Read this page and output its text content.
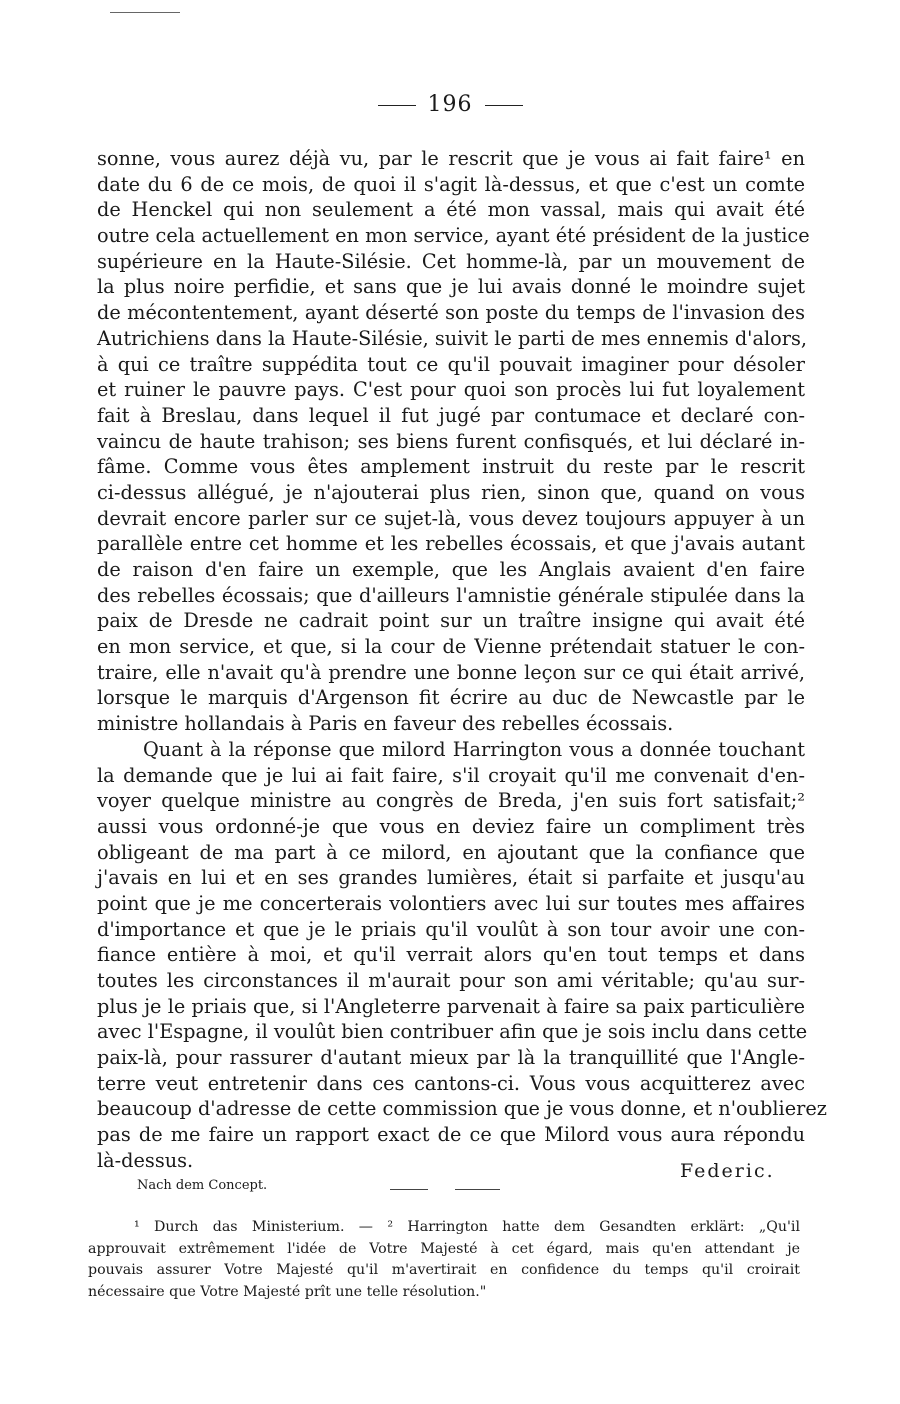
196
sonne, vous aurez déjà vu, par le rescrit que je vous ai fait faire¹ en
date du 6 de ce mois, de quoi il s'agit là-dessus, et que c'est un comte
de Henckel qui non seulement a été mon vassal, mais qui avait été
outre cela actuellement en mon service, ayant été président de la justice
supérieure en la Haute-Silésie. Cet homme-là, par un mouvement de
la plus noire perfidie, et sans que je lui avais donné le moindre sujet
de mécontentement, ayant déserté son poste du temps de l'invasion des
Autrichiens dans la Haute-Silésie, suivit le parti de mes ennemis d'alors,
à qui ce traître suppédita tout ce qu'il pouvait imaginer pour désoler
et ruiner le pauvre pays. C'est pour quoi son procès lui fut loyalement
fait à Breslau, dans lequel il fut jugé par contumace et declaré con-
vaincu de haute trahison; ses biens furent confisqués, et lui déclaré in-
fâme. Comme vous êtes amplement instruit du reste par le rescrit
ci-dessus allégué, je n'ajouterai plus rien, sinon que, quand on vous
devrait encore parler sur ce sujet-là, vous devez toujours appuyer à un
parallèle entre cet homme et les rebelles écossais, et que j'avais autant
de raison d'en faire un exemple, que les Anglais avaient d'en faire
des rebelles écossais; que d'ailleurs l'amnistie générale stipulée dans la
paix de Dresde ne cadrait point sur un traître insigne qui avait été
en mon service, et que, si la cour de Vienne prétendait statuer le con-
traire, elle n'avait qu'à prendre une bonne leçon sur ce qui était arrivé,
lorsque le marquis d'Argenson fit écrire au duc de Newcastle par le
ministre hollandais à Paris en faveur des rebelles écossais.
Quant à la réponse que milord Harrington vous a donnée touchant
la demande que je lui ai fait faire, s'il croyait qu'il me convenait d'en-
voyer quelque ministre au congrès de Breda, j'en suis fort satisfait;²
aussi vous ordonné-je que vous en deviez faire un compliment très
obligeant de ma part à ce milord, en ajoutant que la confiance que
j'avais en lui et en ses grandes lumières, était si parfaite et jusqu'au
point que je me concerterais volontiers avec lui sur toutes mes affaires
d'importance et que je le priais qu'il voulût à son tour avoir une con-
fiance entière à moi, et qu'il verrait alors qu'en tout temps et dans
toutes les circonstances il m'aurait pour son ami véritable; qu'au sur-
plus je le priais que, si l'Angleterre parvenait à faire sa paix particulière
avec l'Espagne, il voulût bien contribuer afin que je sois inclu dans cette
paix-là, pour rassurer d'autant mieux par là la tranquillité que l'Angle-
terre veut entretenir dans ces cantons-ci. Vous vous acquitterez avec
beaucoup d'adresse de cette commission que je vous donne, et n'oublierez
pas de me faire un rapport exact de ce que Milord vous aura répondu
là-dessus.	Federic.
Nach dem Concept.
¹ Durch das Ministerium. — ² Harrington hatte dem Gesandten erklärt: „Qu'il
approuvait extrêmement l'idée de Votre Majesté à cet égard, mais qu'en attendant je
pouvais assurer Votre Majesté qu'il m'avertirait en confidence du temps qu'il croirait
nécessaire que Votre Majesté prît une telle résolution."
